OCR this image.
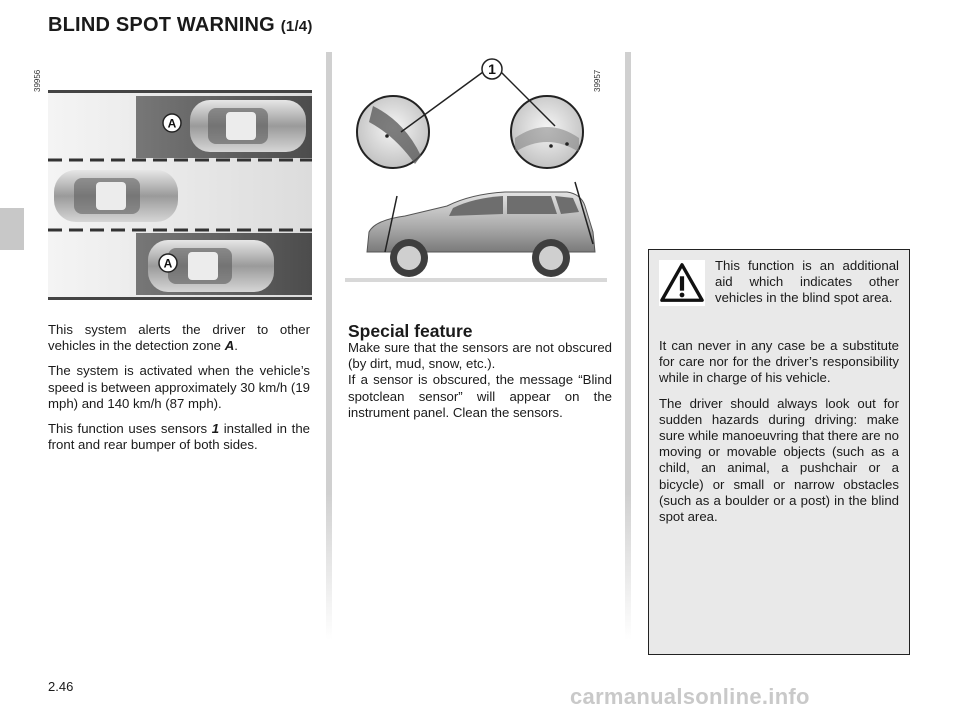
BLIND SPOT WARNING (1/4)
39956
A
A
39957
1

This system alerts the driver to other vehicles in the detection zone A.

The system is activated when the vehicle’s speed is between approximately 30 km/h (19 mph) and 140 km/h (87 mph).

This function uses sensors 1 installed in the front and rear bumper of both sides.

Special feature
Make sure that the sensors are not obscured (by dirt, mud, snow, etc.).
If a sensor is obscured, the message “Blind spotclean sensor” will appear on the instrument panel. Clean the sensors.

This function is an additional aid which indicates other vehicles in the blind spot area.

It can never in any case be a substitute for care nor for the driver’s responsibility while in charge of his vehicle.

The driver should always look out for sudden hazards during driving: make sure while manoeuvring that there are no moving or movable objects (such as a child, an animal, a pushchair or a bicycle) or small or narrow obstacles (such as a boulder or a post) in the blind spot area.

2.46	carmanualsonline.info
